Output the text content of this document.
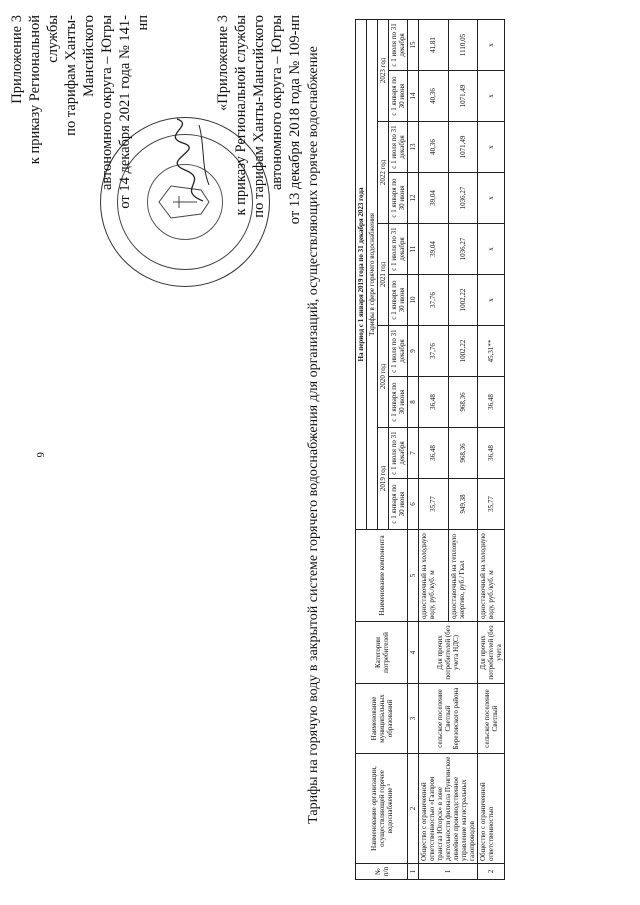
6
Приложение 3 к приказу Региональной службы по тарифам Ханты-Мансийского автономного округа – Югры от 14 декабря 2021 года № 141-нп	«Приложение 3 к приказу Региональной службы по тарифам Ханты-Мансийского автономного округа – Югры от 13 декабря 2018 года № 109-нп Тарифы на горячую воду в закрытой системе горячего водоснабжения для организаций, осуществляющих горячее водоснабжение
№ п/п	Наименование организации, осуществляющей горячее водоснабжение ¹	Наименование муниципальных образований	Категории потребителей	Наименование компонента	На период с 1 января 2019 года по 31 декабря 2023 года									
					Тарифы в сфере горячего водоснабжения									
					2019 год		2020 год		2021 год		2022 год		2023 год	
					с 1 января по 30 июня	с 1 июля по 31 декабря	с 1 января по 30 июня	с 1 июля по 31 декабря	с 1 января по 30 июня	с 1 июля по 31 декабря	с 1 января по 30 июня	с 1 июля по 31 декабря	с 1 января по 30 июня	с 1 июля по 31 декабря
1	2	3	4	5	6	7	8	9	10	11	12	13	14	15
1	Общество с ограниченной ответственностью «Газпром трансгаз Югорск» в зоне деятельности филиала Пунгинское линейное производственное управление магистральных газопроводов	сельское поселение Светлый Березовского района	Для прочих потребителей (без учета НДС)	одноставочный на холодную воду, руб./куб. м	35,77	36,48	36,48	37,76	37,76	39,04	39,04	40,36	40,36	41,81
				одноставочный на тепловую энергию, руб./ Гкал	949,38	968,36	968,36	1002,22	1002,22	1036,27	1036,27	1071,49	1071,49	1110,05
2	Общество с ограниченной ответственностью	сельское поселение Светлый	Для прочих потребителей (без учета	одноставочный на холодную воду, руб./куб. м	35,77	36,48	36,48	45,31**	x	x	x	x	x	x
